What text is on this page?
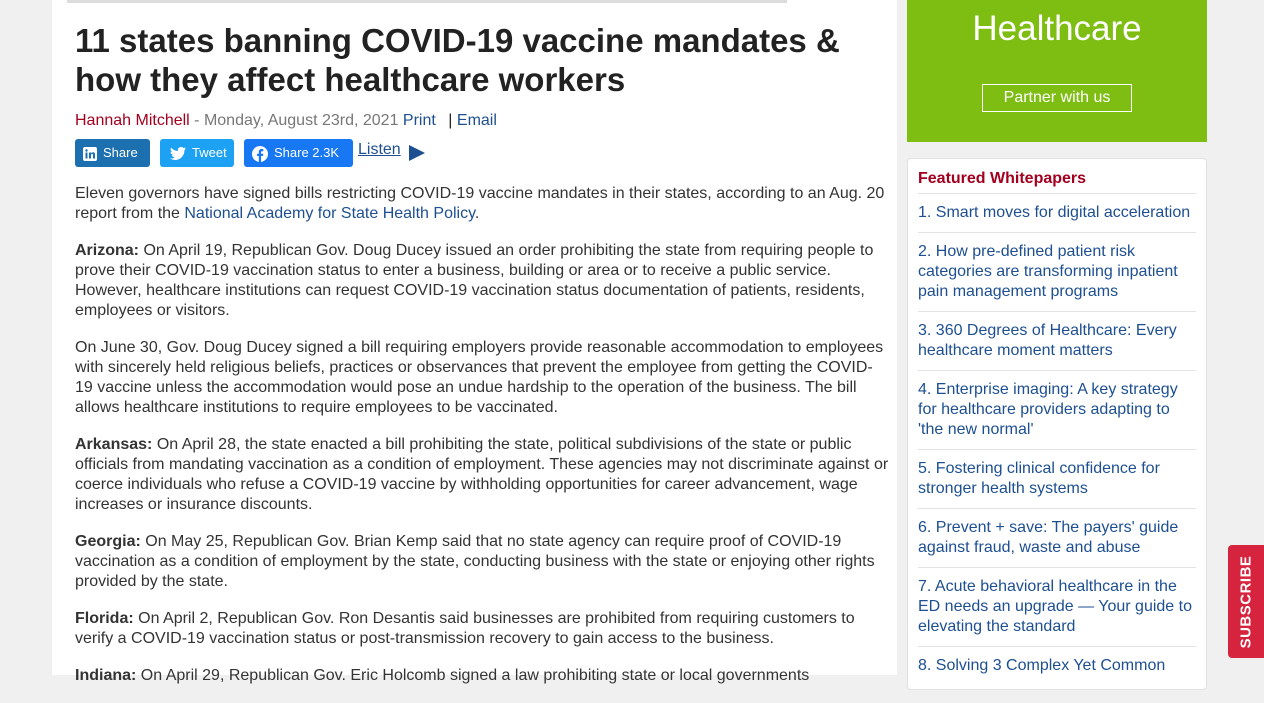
11 states banning COVID-19 vaccine mandates & how they affect healthcare workers
Hannah Mitchell - Monday, August 23rd, 2021 Print | Email
Share	Tweet	Share 2.3K	Listen

Eleven governors have signed bills restricting COVID-19 vaccine mandates in their states, according to an Aug. 20 report from the National Academy for State Health Policy.

Arizona: On April 19, Republican Gov. Doug Ducey issued an order prohibiting the state from requiring people to prove their COVID-19 vaccination status to enter a business, building or area or to receive a public service. However, healthcare institutions can request COVID-19 vaccination status documentation of patients, residents, employees or visitors.

On June 30, Gov. Doug Ducey signed a bill requiring employers provide reasonable accommodation to employees with sincerely held religious beliefs, practices or observances that prevent the employee from getting the COVID-19 vaccine unless the accommodation would pose an undue hardship to the operation of the business. The bill allows healthcare institutions to require employees to be vaccinated.

Arkansas: On April 28, the state enacted a bill prohibiting the state, political subdivisions of the state or public officials from mandating vaccination as a condition of employment. These agencies may not discriminate against or coerce individuals who refuse a COVID-19 vaccine by withholding opportunities for career advancement, wage increases or insurance discounts.

Georgia: On May 25, Republican Gov. Brian Kemp said that no state agency can require proof of COVID-19 vaccination as a condition of employment by the state, conducting business with the state or enjoying other rights provided by the state.

Florida: On April 2, Republican Gov. Ron Desantis said businesses are prohibited from requiring customers to verify a COVID-19 vaccination status or post-transmission recovery to gain access to the business.

Indiana: On April 29, Republican Gov. Eric Holcomb signed a law prohibiting state or local governments

Healthcare
Partner with us
Featured Whitepapers
1. Smart moves for digital acceleration
2. How pre-defined patient risk categories are transforming inpatient pain management programs
3. 360 Degrees of Healthcare: Every healthcare moment matters
4. Enterprise imaging: A key strategy for healthcare providers adapting to 'the new normal'
5. Fostering clinical confidence for stronger health systems
6. Prevent + save: The payers' guide against fraud, waste and abuse
7. Acute behavioral healthcare in the ED needs an upgrade — Your guide to elevating the standard
8. Solving 3 Complex Yet Common
SUBSCRIBE
